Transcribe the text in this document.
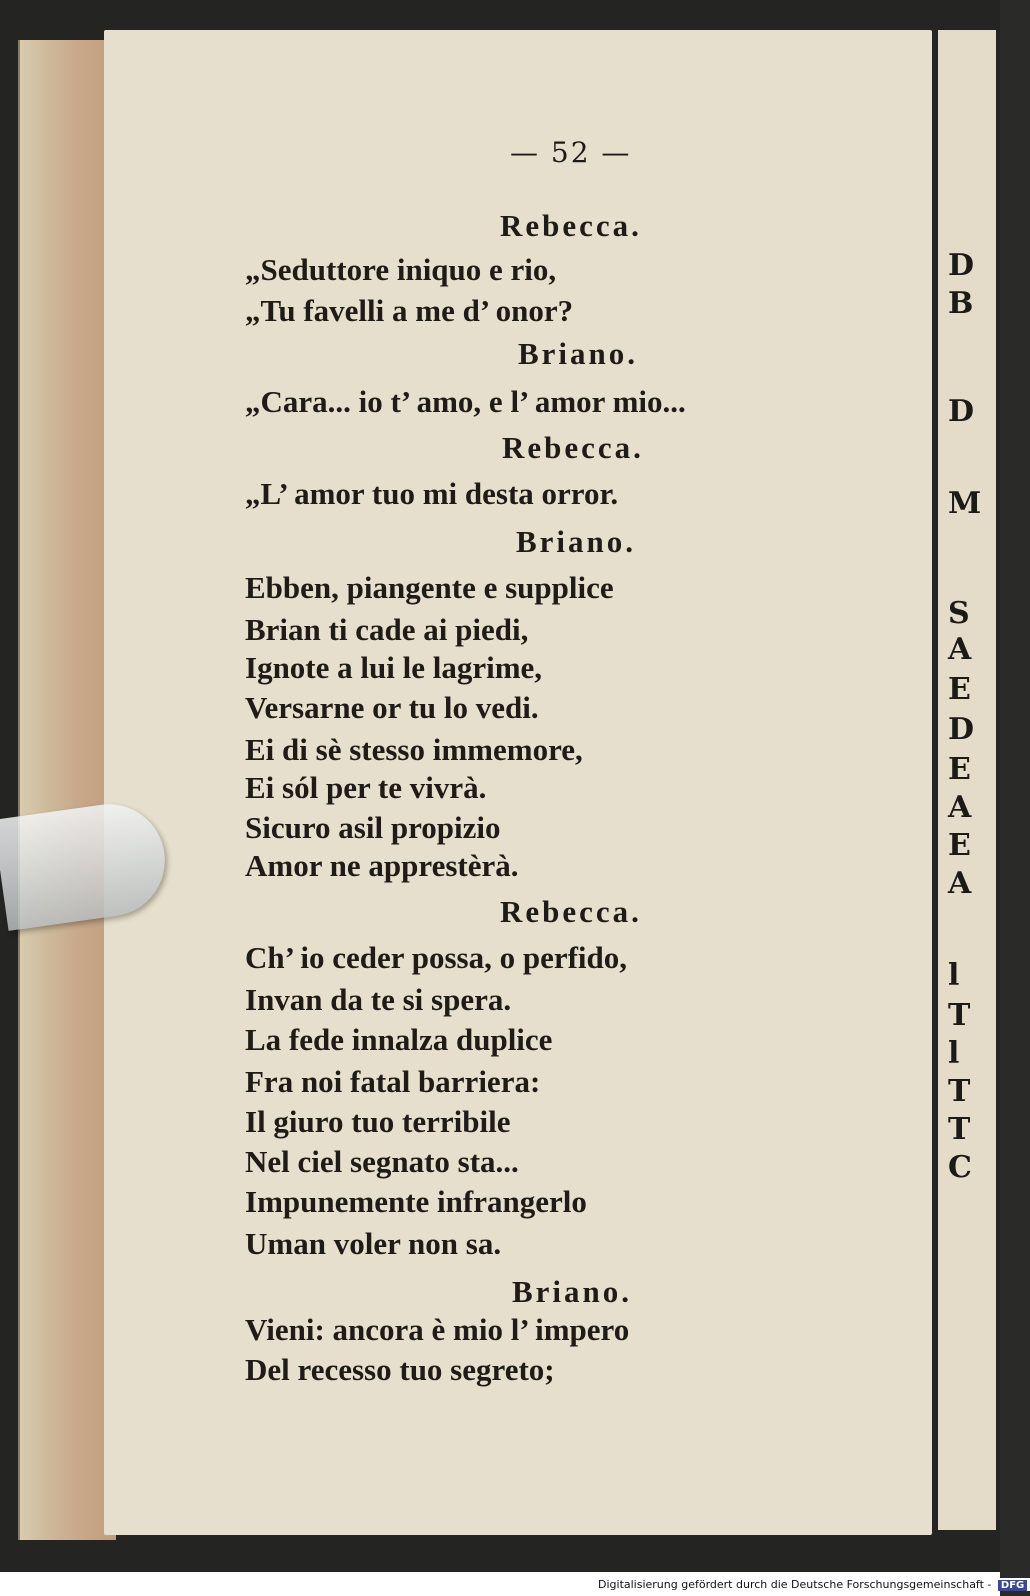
D
B
D
M
S
A
E
D
E
A
E
A
l
T
l
T
T
C
— 52 —
Rebecca.
„Seduttore iniquo e rio,
„Tu favelli a me d’ onor?
Briano.
„Cara... io t’ amo, e l’ amor mio...
Rebecca.
„L’ amor tuo mi desta orror.
Briano.
Ebben, piangente e supplice
Brian ti cade ai piedi,
Ignote a lui le lagrime,
Versarne or tu lo vedi.
Ei di sè stesso immemore,
Ei sól per te vivrà.
Sicuro asil propizio
Amor ne apprestèrà.
Rebecca.
Ch’ io ceder possa, o perfido,
Invan da te si spera.
La fede innalza duplice
Fra noi fatal barriera:
Il giuro tuo terribile
Nel ciel segnato sta...
Impunemente infrangerlo
Uman voler non sa.
Briano.
Vieni: ancora è mio l’ impero
Del recesso tuo segreto;
Digitalisierung gefördert durch die Deutsche Forschungsgemeinschaft - DFG
